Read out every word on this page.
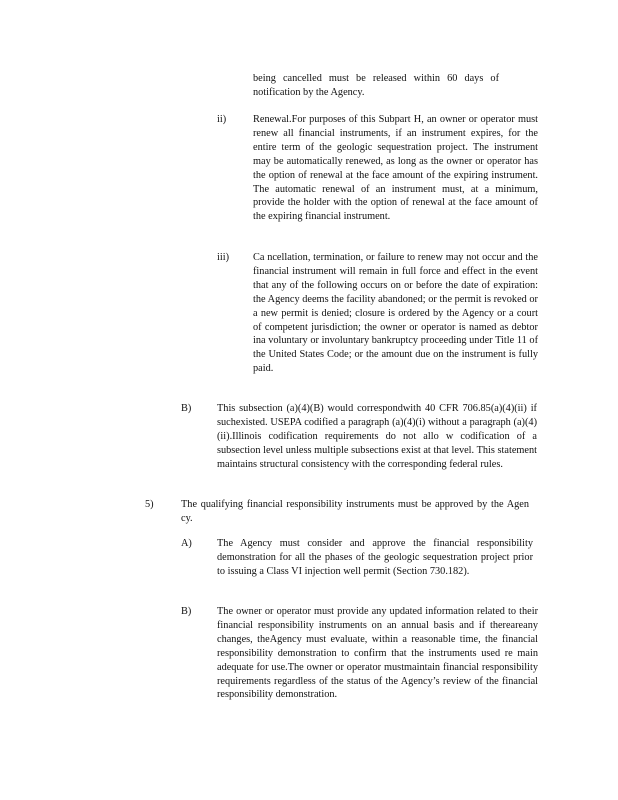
being cancelled must be released within 60 days of notification by the Agency.
ii)	Renewal.For purposes of this Subpart H, an owner or operator must renew all financial instruments, if an instrument expires, for the entire term of the geologic sequestration project. The instrument may be automatically renewed, as long as the owner or operator has the option of renewal at the face amount of the expiring instrument. The automatic renewal of an instrument must, at a minimum, provide the holder with the option of renewal at the face amount of the expiring financial instrument.
iii) Ca ncellation, termination, or failure to renew may not occur and the financial instrument will remain in full force and effect in the event that any of the following occurs on or before the date of expiration: the Agency deems the facility abandoned; or the permit is revoked or a new permit is denied; closure is ordered by the Agency or a court of competent jurisdiction; the owner or operator is named as debtor ina voluntary or involuntary bankruptcy proceeding under Title 11 of the United States Code; or the amount due on the instrument is fully paid.
B) This subsection (a)(4)(B) would correspondwith 40 CFR 706.85(a)(4)(ii) if suchexisted. USEPA codified a paragraph (a)(4)(i) without a paragraph (a)(4)(ii).Illinois codification requirements do not allo w codification of a subsection level unless multiple subsections exist at that level. This statement maintains structural consistency with the corresponding federal rules.
5)	The qualifying financial responsibility instruments must be approved by the Agen cy.
A) The Agency must consider and approve the financial responsibility demonstration for all the phases of the geologic sequestration project prior to issuing a Class VI injection well permit (Section 730.182).
B) The owner or operator must provide any updated information related to their financial responsibility instruments on an annual basis and if thereareany changes, theAgency must evaluate, within a reasonable time, the financial responsibility demonstration to confirm that the instruments used re main adequate for use.The owner or operator mustmaintain financial responsibility requirements regardless of the status of the Agency’s review of the financial responsibility demonstration.
